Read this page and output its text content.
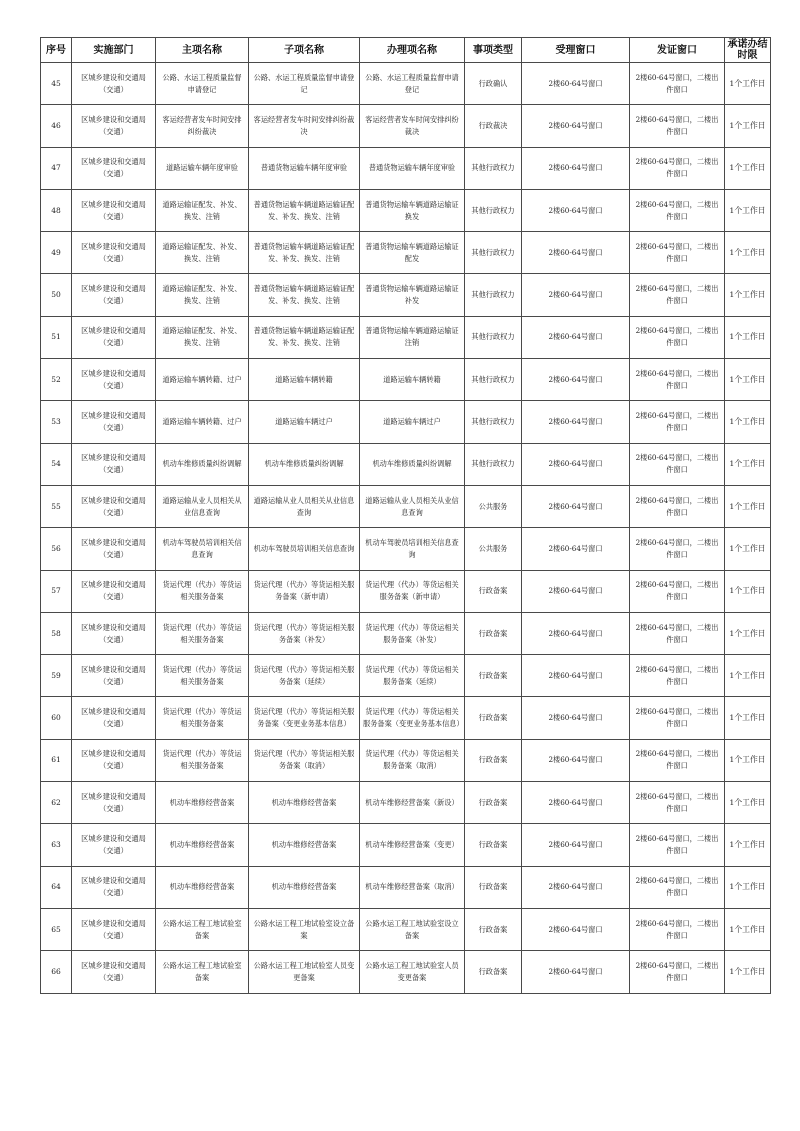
序号	实施部门	主项名称	子项名称	办理项名称	事项类型	受理窗口	发证窗口	承诺办结时限
45	区城乡建设和交通局（交通）	公路、水运工程质量监督申请登记	公路、水运工程质量监督申请登记	公路、水运工程质量监督申请登记	行政确认	2楼60-64号窗口	2楼60-64号窗口，二楼出件窗口	1个工作日
46	区城乡建设和交通局（交通）	客运经营者发车时间安排纠纷裁决	客运经营者发车时间安排纠纷裁决	客运经营者发车时间安排纠纷裁决	行政裁决	2楼60-64号窗口	2楼60-64号窗口，二楼出件窗口	1个工作日
47	区城乡建设和交通局（交通）	道路运输车辆年度审验	普通货物运输车辆年度审验	普通货物运输车辆年度审验	其他行政权力	2楼60-64号窗口	2楼60-64号窗口，二楼出件窗口	1个工作日
48	区城乡建设和交通局（交通）	道路运输证配发、补发、换发、注销	普通货物运输车辆道路运输证配发、补发、换发、注销	普通货物运输车辆道路运输证换发	其他行政权力	2楼60-64号窗口	2楼60-64号窗口，二楼出件窗口	1个工作日
49	区城乡建设和交通局（交通）	道路运输证配发、补发、换发、注销	普通货物运输车辆道路运输证配发、补发、换发、注销	普通货物运输车辆道路运输证配发	其他行政权力	2楼60-64号窗口	2楼60-64号窗口，二楼出件窗口	1个工作日
50	区城乡建设和交通局（交通）	道路运输证配发、补发、换发、注销	普通货物运输车辆道路运输证配发、补发、换发、注销	普通货物运输车辆道路运输证补发	其他行政权力	2楼60-64号窗口	2楼60-64号窗口，二楼出件窗口	1个工作日
51	区城乡建设和交通局（交通）	道路运输证配发、补发、换发、注销	普通货物运输车辆道路运输证配发、补发、换发、注销	普通货物运输车辆道路运输证注销	其他行政权力	2楼60-64号窗口	2楼60-64号窗口，二楼出件窗口	1个工作日
52	区城乡建设和交通局（交通）	道路运输车辆转籍、过户	道路运输车辆转籍	道路运输车辆转籍	其他行政权力	2楼60-64号窗口	2楼60-64号窗口，二楼出件窗口	1个工作日
53	区城乡建设和交通局（交通）	道路运输车辆转籍、过户	道路运输车辆过户	道路运输车辆过户	其他行政权力	2楼60-64号窗口	2楼60-64号窗口，二楼出件窗口	1个工作日
54	区城乡建设和交通局（交通）	机动车维修质量纠纷调解	机动车维修质量纠纷调解	机动车维修质量纠纷调解	其他行政权力	2楼60-64号窗口	2楼60-64号窗口，二楼出件窗口	1个工作日
55	区城乡建设和交通局（交通）	道路运输从业人员相关从业信息查询	道路运输从业人员相关从业信息查询	道路运输从业人员相关从业信息查询	公共服务	2楼60-64号窗口	2楼60-64号窗口，二楼出件窗口	1个工作日
56	区城乡建设和交通局（交通）	机动车驾驶员培训相关信息查询	机动车驾驶员培训相关信息查询	机动车驾驶员培训相关信息查询	公共服务	2楼60-64号窗口	2楼60-64号窗口，二楼出件窗口	1个工作日
57	区城乡建设和交通局（交通）	货运代理（代办）等货运相关服务备案	货运代理（代办）等货运相关服务备案（新申请）	货运代理（代办）等货运相关服务备案（新申请）	行政备案	2楼60-64号窗口	2楼60-64号窗口，二楼出件窗口	1个工作日
58	区城乡建设和交通局（交通）	货运代理（代办）等货运相关服务备案	货运代理（代办）等货运相关服务备案（补发）	货运代理（代办）等货运相关服务备案（补发）	行政备案	2楼60-64号窗口	2楼60-64号窗口，二楼出件窗口	1个工作日
59	区城乡建设和交通局（交通）	货运代理（代办）等货运相关服务备案	货运代理（代办）等货运相关服务备案（延续）	货运代理（代办）等货运相关服务备案（延续）	行政备案	2楼60-64号窗口	2楼60-64号窗口，二楼出件窗口	1个工作日
60	区城乡建设和交通局（交通）	货运代理（代办）等货运相关服务备案	货运代理（代办）等货运相关服务备案（变更业务基本信息）	货运代理（代办）等货运相关服务备案（变更业务基本信息）	行政备案	2楼60-64号窗口	2楼60-64号窗口，二楼出件窗口	1个工作日
61	区城乡建设和交通局（交通）	货运代理（代办）等货运相关服务备案	货运代理（代办）等货运相关服务备案（取消）	货运代理（代办）等货运相关服务备案（取消）	行政备案	2楼60-64号窗口	2楼60-64号窗口，二楼出件窗口	1个工作日
62	区城乡建设和交通局（交通）	机动车维修经营备案	机动车维修经营备案	机动车维修经营备案（新设）	行政备案	2楼60-64号窗口	2楼60-64号窗口，二楼出件窗口	1个工作日
63	区城乡建设和交通局（交通）	机动车维修经营备案	机动车维修经营备案	机动车维修经营备案（变更）	行政备案	2楼60-64号窗口	2楼60-64号窗口，二楼出件窗口	1个工作日
64	区城乡建设和交通局（交通）	机动车维修经营备案	机动车维修经营备案	机动车维修经营备案（取消）	行政备案	2楼60-64号窗口	2楼60-64号窗口，二楼出件窗口	1个工作日
65	区城乡建设和交通局（交通）	公路水运工程工地试验室备案	公路水运工程工地试验室设立备案	公路水运工程工地试验室设立备案	行政备案	2楼60-64号窗口	2楼60-64号窗口，二楼出件窗口	1个工作日
66	区城乡建设和交通局（交通）	公路水运工程工地试验室备案	公路水运工程工地试验室人员变更备案	公路水运工程工地试验室人员变更备案	行政备案	2楼60-64号窗口	2楼60-64号窗口，二楼出件窗口	1个工作日
